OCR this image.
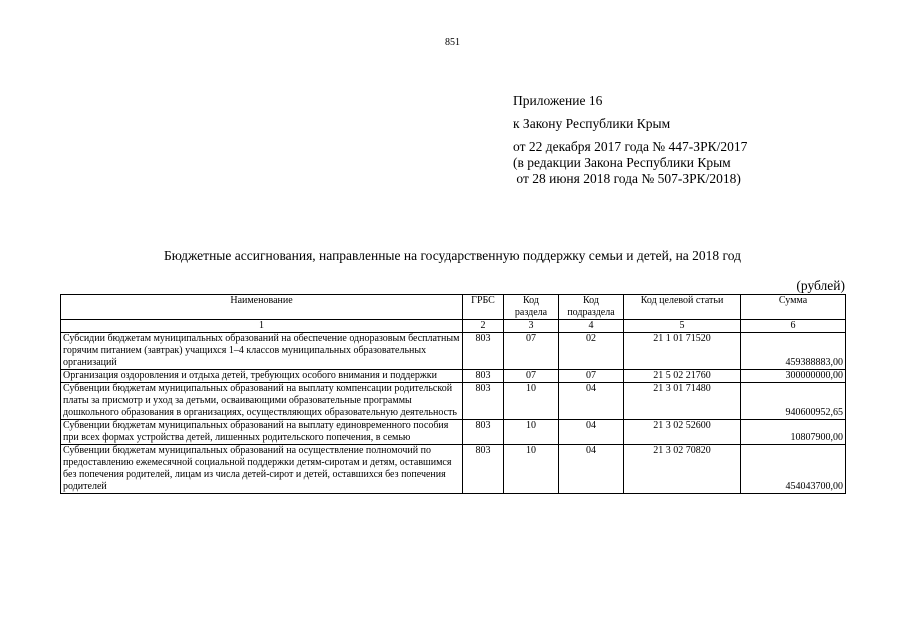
851
Приложение 16
к Закону Республики Крым
от 22 декабря 2017 года № 447-ЗРК/2017
(в редакции Закона Республики Крым
от 28 июня 2018 года № 507-ЗРК/2018)
Бюджетные ассигнования, направленные на государственную поддержку семьи и детей, на 2018 год
(рублей)
Наименование	ГРБС	Код раздела	Код подраздела	Код целевой статьи	Сумма
1	2	3	4	5	6
Субсидии бюджетам муниципальных образований на обеспечение одноразовым бесплатным горячим питанием (завтрак) учащихся 1–4 классов муниципальных образовательных организаций	803	07	02	21 1 01 71520	459388883,00
Организация оздоровления и отдыха детей, требующих особого внимания и поддержки	803	07	07	21 5 02 21760	300000000,00
Субвенции бюджетам муниципальных образований на выплату компенсации родительской платы за присмотр и уход за детьми, осваивающими образовательные программы дошкольного образования в организациях, осуществляющих образовательную деятельность	803	10	04	21 3 01 71480	940600952,65
Субвенции бюджетам муниципальных образований на выплату единовременного пособия при всех формах устройства детей, лишенных родительского попечения, в семью	803	10	04	21 3 02 52600	10807900,00
Субвенции бюджетам муниципальных образований на осуществление полномочий по предоставлению ежемесячной социальной поддержки детям-сиротам и детям, оставшимся без попечения родителей, лицам из числа детей-сирот и детей, оставшихся без попечения родителей	803	10	04	21 3 02 70820	454043700,00
